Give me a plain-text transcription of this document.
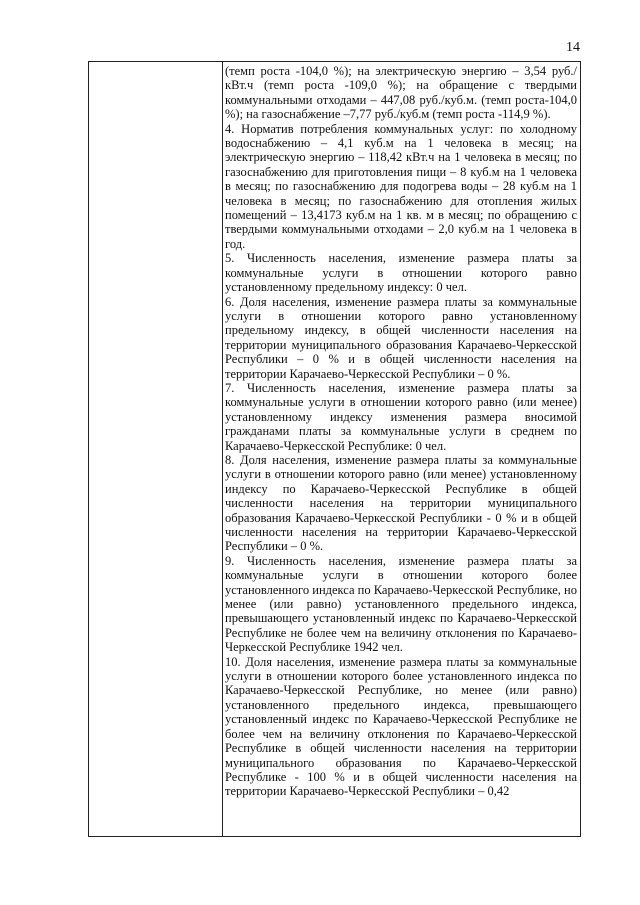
14

(темп роста -104,0 %); на электрическую энергию – 3,54 руб./кВт.ч (темп роста -109,0 %); на обращение с твердыми коммунальными отходами – 447,08 руб./куб.м. (темп роста-104,0 %); на газоснабжение –7,77 руб./куб.м (темп роста -114,9 %).

4. Норматив потребления коммунальных услуг: по холодному водоснабжению – 4,1 куб.м на 1 человека в месяц; на электрическую энергию – 118,42 кВт.ч на 1 человека в месяц; по газоснабжению для приготовления пищи – 8 куб.м на 1 человека в месяц; по газоснабжению для подогрева воды – 28 куб.м на 1 человека в месяц; по газоснабжению для отопления жилых помещений – 13,4173 куб.м на 1 кв. м в месяц; по обращению с твердыми коммунальными отходами – 2,0 куб.м на 1 человека в год.

5. Численность населения, изменение размера платы за коммунальные услуги в отношении которого равно установленному предельному индексу: 0 чел.

6. Доля населения, изменение размера платы за коммунальные услуги в отношении которого равно установленному предельному индексу, в общей численности населения на территории муниципального образования Карачаево-Черкесской Республики – 0 % и в общей численности населения на территории Карачаево-Черкесской Республики – 0 %.

7. Численность населения, изменение размера платы за коммунальные услуги в отношении которого равно (или менее) установленному индексу изменения размера вносимой гражданами платы за коммунальные услуги в среднем по Карачаево-Черкесской Республике: 0 чел.

8. Доля населения, изменение размера платы за коммунальные услуги в отношении которого равно (или менее) установленному индексу по Карачаево-Черкесской Республике в общей численности населения на территории муниципального образования Карачаево-Черкесской Республики - 0 % и в общей численности населения на территории Карачаево-Черкесской Республики – 0 %.

9. Численность населения, изменение размера платы за коммунальные услуги в отношении которого более установленного индекса по Карачаево-Черкесской Республике, но менее (или равно) установленного предельного индекса, превышающего установленный индекс по Карачаево-Черкесской Республике не более чем на величину отклонения по Карачаево-Черкесской Республике 1942 чел.

10. Доля населения, изменение размера платы за коммунальные услуги в отношении которого более установленного индекса по Карачаево-Черкесской Республике, но менее (или равно) установленного предельного индекса, превышающего установленный индекс по Карачаево-Черкесской Республике не более чем на величину отклонения по Карачаево-Черкесской Республике в общей численности населения на территории муниципального образования по Карачаево-Черкесской Республике - 100 % и в общей численности населения на территории Карачаево-Черкесской Республики – 0,42
